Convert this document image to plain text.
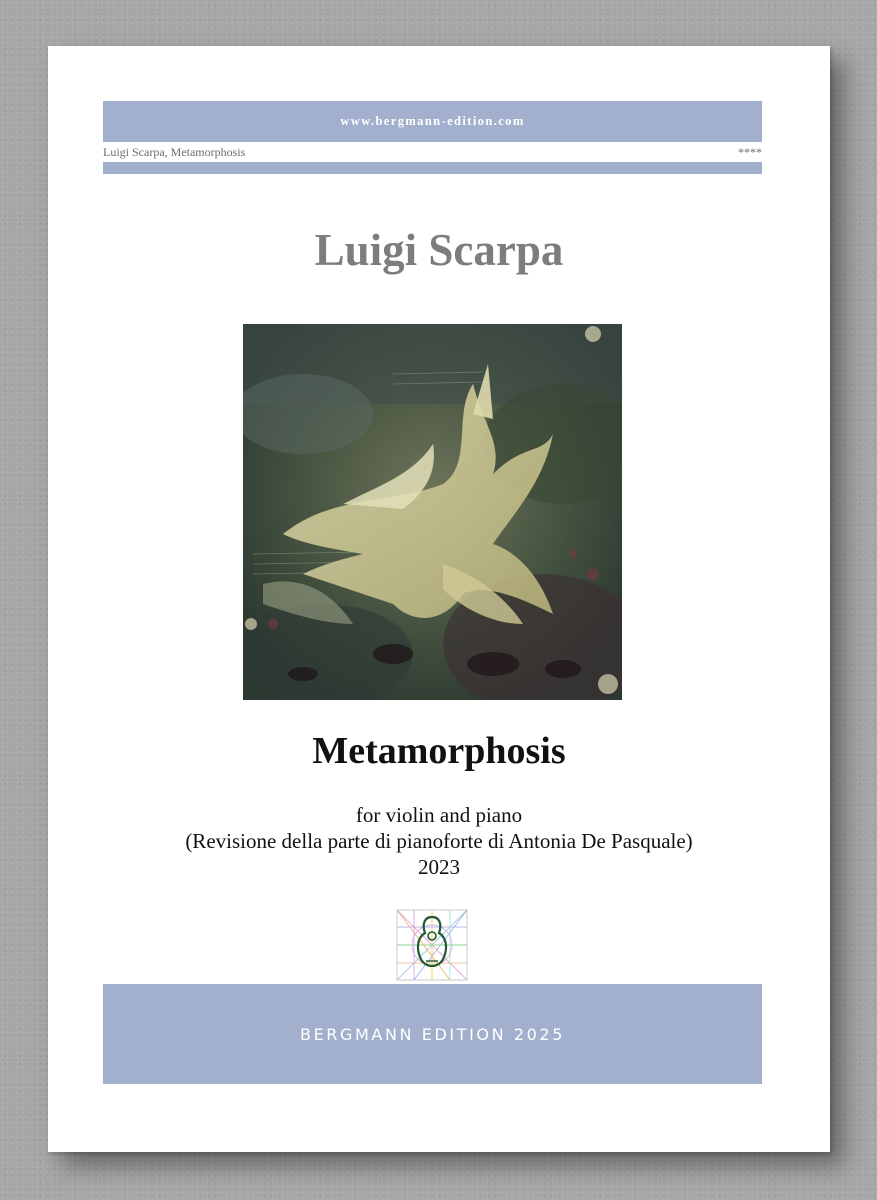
www.bergmann-edition.com
Luigi Scarpa, Metamorphosis	****
Luigi Scarpa
Metamorphosis
for violin and piano
(Revisione della parte di pianoforte di Antonia De Pasquale)
2023
BERGMANN EDITION 2025
